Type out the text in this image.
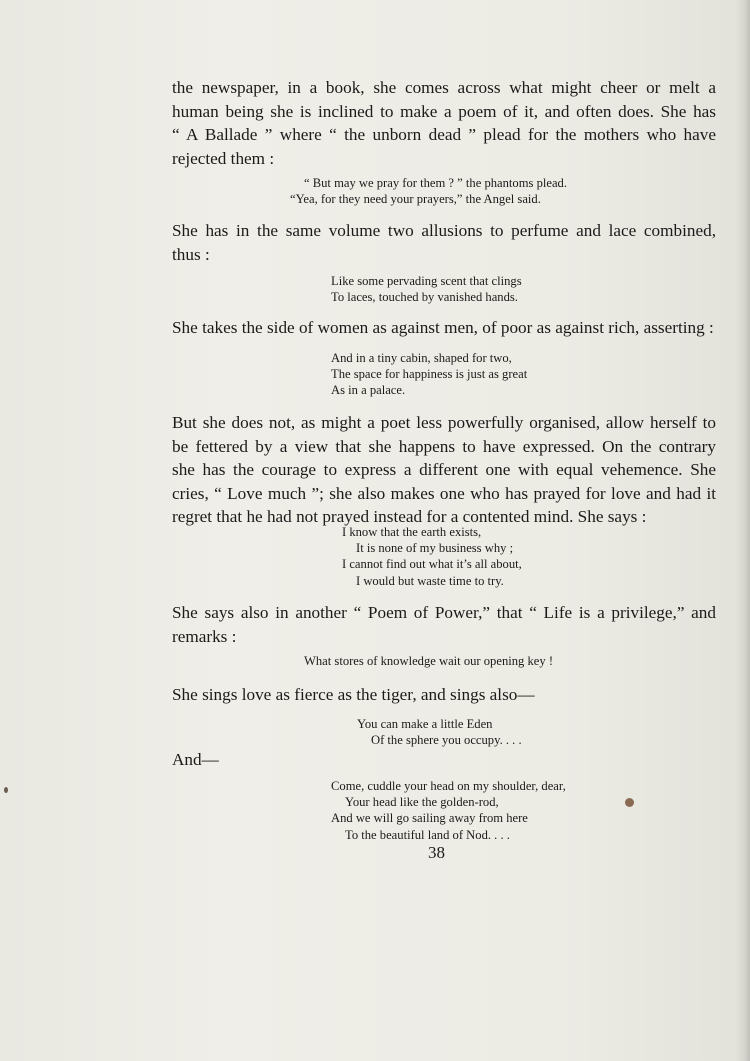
the newspaper, in a book, she comes across what might cheer or melt a
human being she is inclined to make a poem of it, and often does. She has
“ A Ballade ” where “ the unborn dead ” plead for the mothers who have
rejected them :
“ But may we pray for them ? ” the phantoms plead.
“Yea, for they need your prayers,” the Angel said.
She has in the same volume two allusions to perfume and lace combined,
thus :
Like some pervading scent that clings
To laces, touched by vanished hands.
She takes the side of women as against men, of poor as against rich, asserting :
And in a tiny cabin, shaped for two,
The space for happiness is just as great
As in a palace.
But she does not, as might a poet less powerfully organised, allow herself to
be fettered by a view that she happens to have expressed. On the contrary
she has the courage to express a different one with equal vehemence. She
cries, “ Love much ”; she also makes one who has prayed for love and had it
regret that he had not prayed instead for a contented mind. She says :
I know that the earth exists,
It is none of my business why ;
I cannot find out what it’s all about,
I would but waste time to try.
She says also in another “ Poem of Power,” that “ Life is a privilege,” and
remarks :
What stores of knowledge wait our opening key !
She sings love as fierce as the tiger, and sings also—
You can make a little Eden
Of the sphere you occupy. . . .
And—
Come, cuddle your head on my shoulder, dear,
Your head like the golden-rod,
And we will go sailing away from here
To the beautiful land of Nod. . . .
38
